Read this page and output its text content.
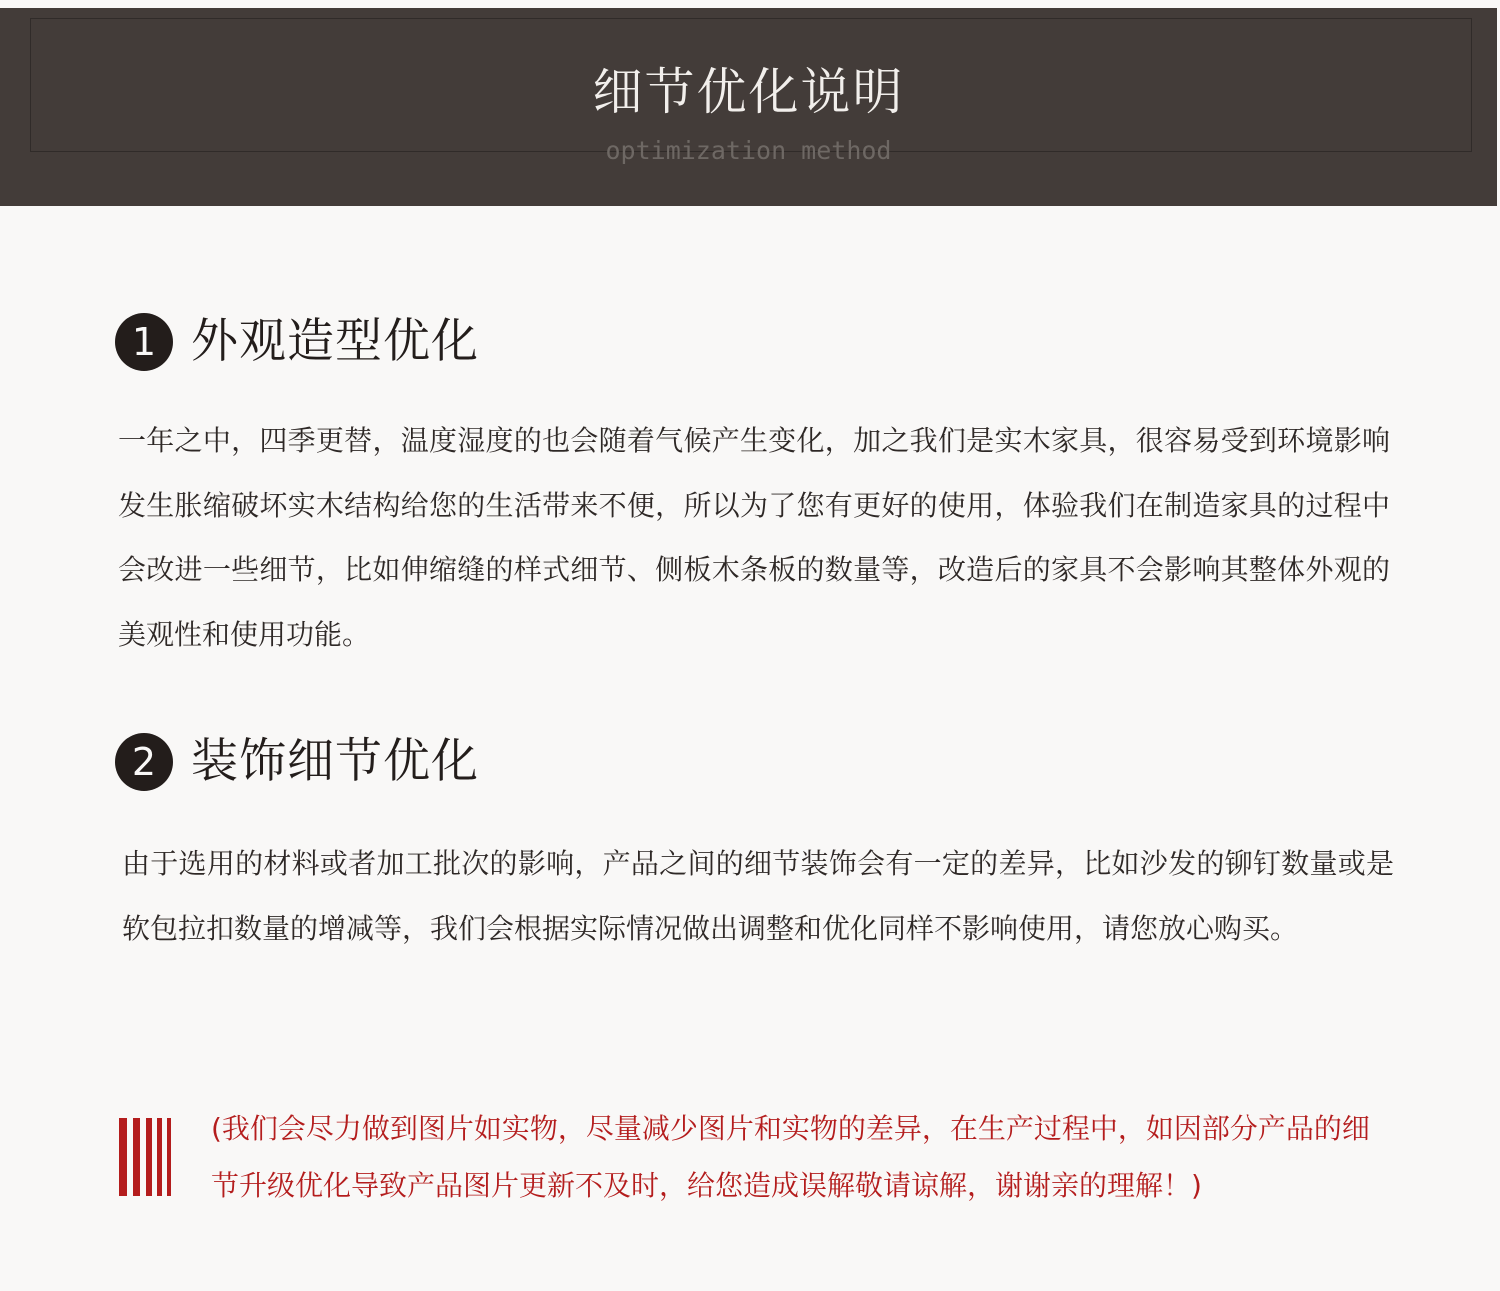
细节优化说明
optimization method
1 外观造型优化

一年之中，四季更替，温度湿度的也会随着气候产生变化，加之我们是实木家具，很容易受到环境影响发生胀缩破坏实木结构给您的生活带来不便，所以为了您有更好的使用，体验我们在制造家具的过程中会改进一些细节，比如伸缩缝的样式细节、侧板木条板的数量等，改造后的家具不会影响其整体外观的美观性和使用功能。

2 装饰细节优化

由于选用的材料或者加工批次的影响，产品之间的细节装饰会有一定的差异，比如沙发的铆钉数量或是软包拉扣数量的增减等，我们会根据实际情况做出调整和优化同样不影响使用，请您放心购买。

(我们会尽力做到图片如实物，尽量减少图片和实物的差异，在生产过程中，如因部分产品的细节升级优化导致产品图片更新不及时，给您造成误解敬请谅解，谢谢亲的理解！)
